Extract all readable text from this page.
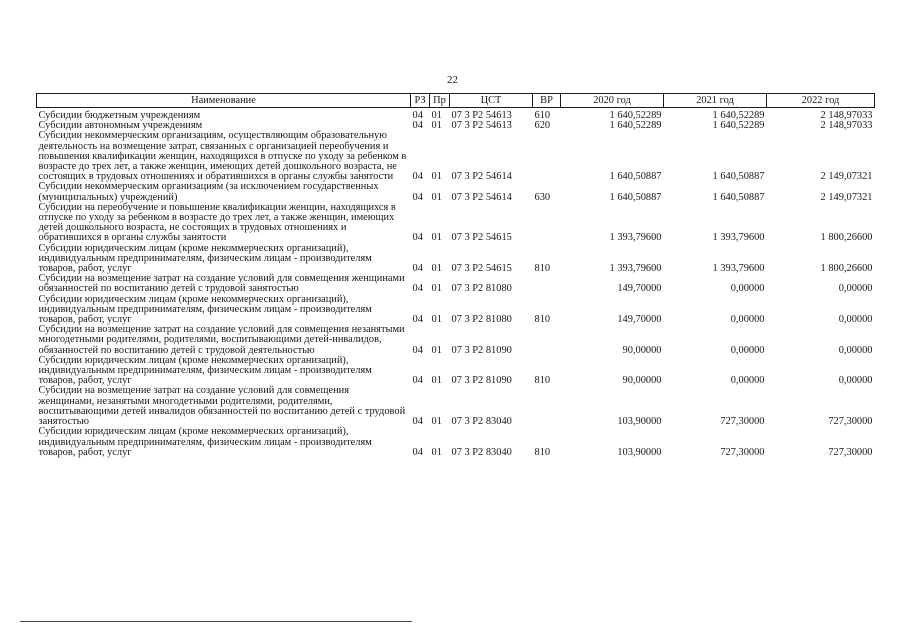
22
Наименование	РЗ	Пр	ЦСТ	ВР	2020 год	2021 год	2022 год
Субсидии бюджетным учреждениям	04	01	07 3 Р2 54613	610	1 640,52289	1 640,52289	2 148,97033
Субсидии автономным учреждениям	04	01	07 3 Р2 54613	620	1 640,52289	1 640,52289	2 148,97033
Субсидии некоммерческим организациям, осуществляющим образовательную деятельность на возмещение затрат, связанных с организацией переобучения и повышения квалификации женщин, находящихся в отпуске по уходу за ребенком в возрасте до трех лет, а также женщин, имеющих детей дошкольного возраста, не состоящих в трудовых отношениях и обратившихся в органы службы занятости	04	01	07 3 Р2 54614		1 640,50887	1 640,50887	2 149,07321
Субсидии некоммерческим организациям (за исключением государственных (муниципальных) учреждений)	04	01	07 3 Р2 54614	630	1 640,50887	1 640,50887	2 149,07321
Субсидии на переобучение и повышение квалификации женщин, находящихся в отпуске по уходу за ребенком в возрасте до трех лет, а также женщин, имеющих детей дошкольного возраста, не состоящих в трудовых отношениях и обратившихся в органы службы занятости	04	01	07 3 Р2 54615		1 393,79600	1 393,79600	1 800,26600
Субсидии юридическим лицам (кроме некоммерческих организаций), индивидуальным предпринимателям, физическим лицам - производителям товаров, работ, услуг	04	01	07 3 Р2 54615	810	1 393,79600	1 393,79600	1 800,26600
Субсидии на возмещение затрат на создание условий для совмещения женщинами обязанностей по воспитанию детей с трудовой занятостью	04	01	07 3 Р2 81080		149,70000	0,00000	0,00000
Субсидии юридическим лицам (кроме некоммерческих организаций), индивидуальным предпринимателям, физическим лицам - производителям товаров, работ, услуг	04	01	07 3 Р2 81080	810	149,70000	0,00000	0,00000
Субсидии на возмещение затрат на создание условий для совмещения незанятыми многодетными родителями, родителями, воспитывающими детей-инвалидов, обязанностей по воспитанию детей с трудовой деятельностью	04	01	07 3 Р2 81090		90,00000	0,00000	0,00000
Субсидии юридическим лицам (кроме некоммерческих организаций), индивидуальным предпринимателям, физическим лицам - производителям товаров, работ, услуг	04	01	07 3 Р2 81090	810	90,00000	0,00000	0,00000
Субсидии на возмещение затрат на создание условий для совмещения женщинами, незанятыми многодетными родителями, родителями, воспитывающими детей инвалидов обязанностей по воспитанию детей с трудовой занятостью	04	01	07 3 Р2 83040		103,90000	727,30000	727,30000
Субсидии юридическим лицам (кроме некоммерческих организаций), индивидуальным предпринимателям, физическим лицам - производителям товаров, работ, услуг	04	01	07 3 Р2 83040	810	103,90000	727,30000	727,30000
